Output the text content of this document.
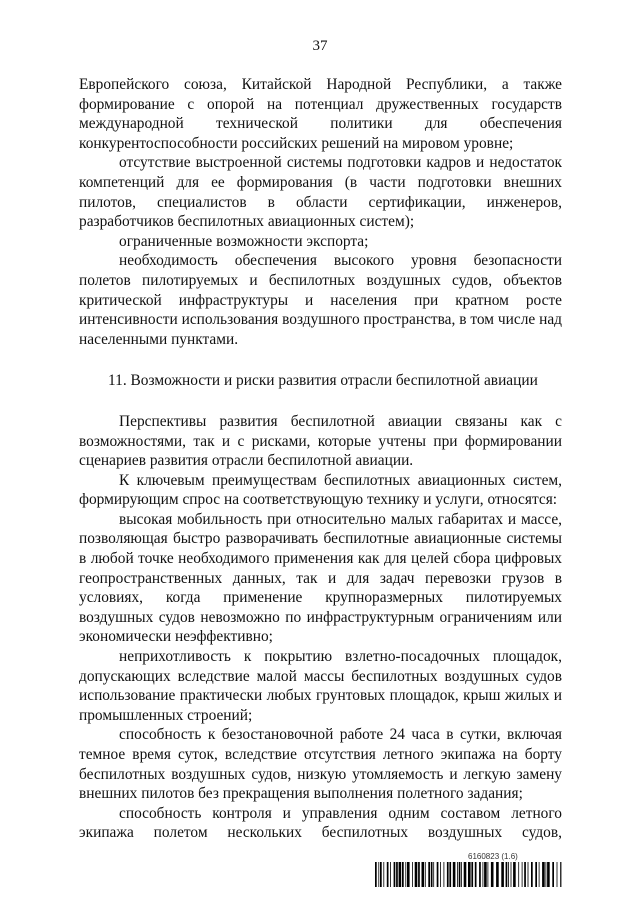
37

Европейского союза, Китайской Народной Республики, а также формирование с опорой на потенциал дружественных государств международной технической политики для обеспечения конкурентоспособности российских решений на мировом уровне;

отсутствие выстроенной системы подготовки кадров и недостаток компетенций для ее формирования (в части подготовки внешних пилотов, специалистов в области сертификации, инженеров, разработчиков беспилотных авиационных систем);

ограниченные возможности экспорта;

необходимость обеспечения высокого уровня безопасности полетов пилотируемых и беспилотных воздушных судов, объектов критической инфраструктуры и населения при кратном росте интенсивности использования воздушного пространства, в том числе над населенными пунктами.

11. Возможности и риски развития отрасли беспилотной авиации

Перспективы развития беспилотной авиации связаны как с возможностями, так и с рисками, которые учтены при формировании сценариев развития отрасли беспилотной авиации.

К ключевым преимуществам беспилотных авиационных систем, формирующим спрос на соответствующую технику и услуги, относятся:

высокая мобильность при относительно малых габаритах и массе, позволяющая быстро разворачивать беспилотные авиационные системы в любой точке необходимого применения как для целей сбора цифровых геопространственных данных, так и для задач перевозки грузов в условиях, когда применение крупноразмерных пилотируемых воздушных судов невозможно по инфраструктурным ограничениям или экономически неэффективно;

неприхотливость к покрытию взлетно-посадочных площадок, допускающих вследствие малой массы беспилотных воздушных судов использование практически любых грунтовых площадок, крыш жилых и промышленных строений;

способность к безостановочной работе 24 часа в сутки, включая темное время суток, вследствие отсутствия летного экипажа на борту беспилотных воздушных судов, низкую утомляемость и легкую замену внешних пилотов без прекращения выполнения полетного задания;

способность контроля и управления одним составом летного экипажа полетом нескольких беспилотных воздушных судов,

6160823 (1.6)
